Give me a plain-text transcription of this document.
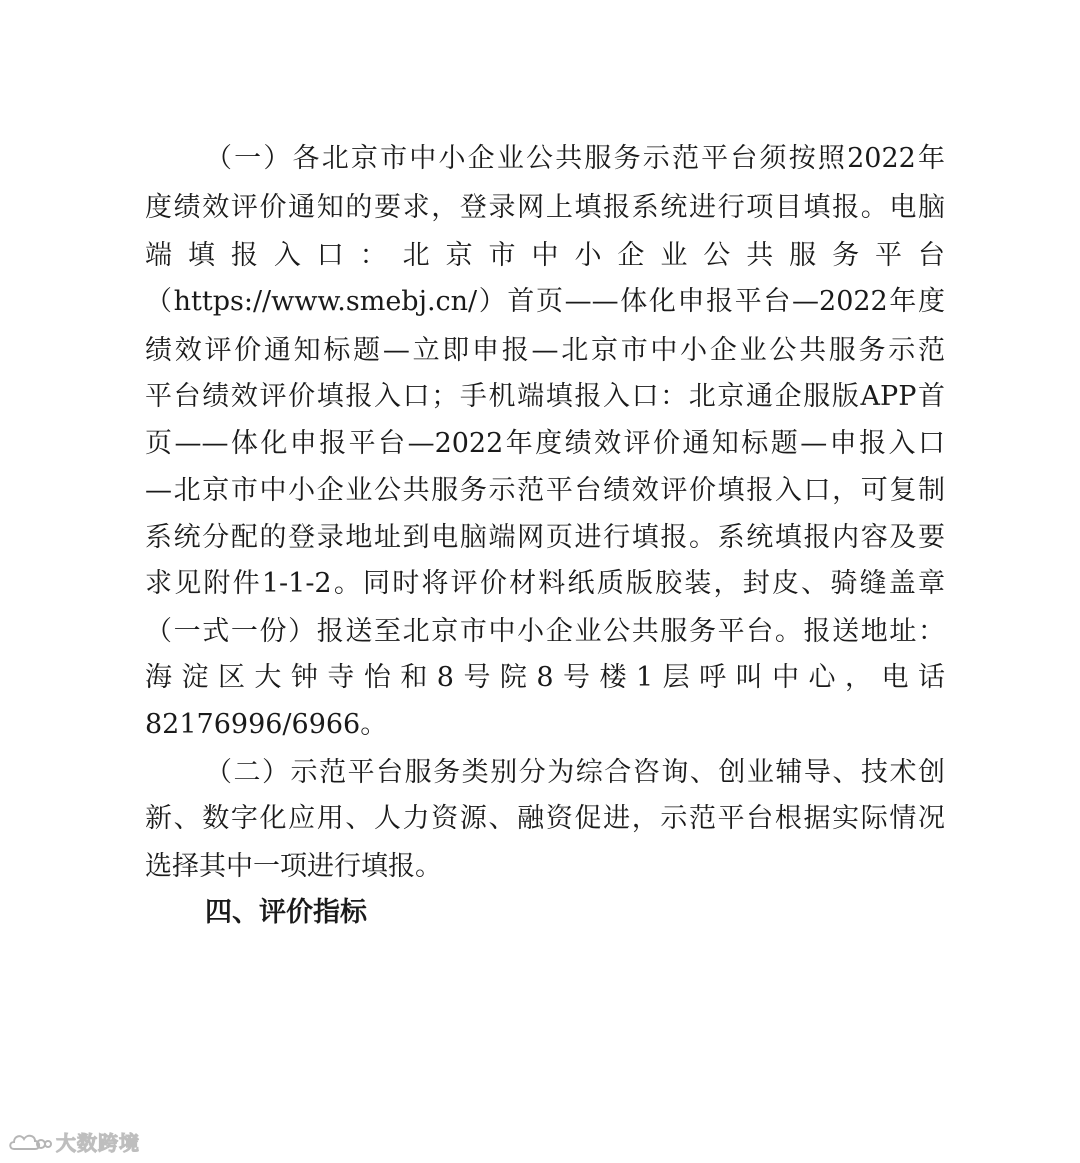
（一）各北京市中小企业公共服务示范平台须按照2022年
度绩效评价通知的要求，登录网上填报系统进行项目填报。电脑
端填报入口：北京市中小企业公共服务平台
（https://www.smebj.cn/）首页——体化申报平台—2022年度
绩效评价通知标题—立即申报—北京市中小企业公共服务示范
平台绩效评价填报入口；手机端填报入口：北京通企服版APP首
页——体化申报平台—2022年度绩效评价通知标题—申报入口
—北京市中小企业公共服务示范平台绩效评价填报入口，可复制
系统分配的登录地址到电脑端网页进行填报。系统填报内容及要
求见附件1-1-2。同时将评价材料纸质版胶装，封皮、骑缝盖章
（一式一份）报送至北京市中小企业公共服务平台。报送地址：
海淀区大钟寺怡和8号院8号楼1层呼叫中心，电话
82176996/6966。
（二）示范平台服务类别分为综合咨询、创业辅导、技术创
新、数字化应用、人力资源、融资促进，示范平台根据实际情况
选择其中一项进行填报。
四、评价指标
大数跨境
